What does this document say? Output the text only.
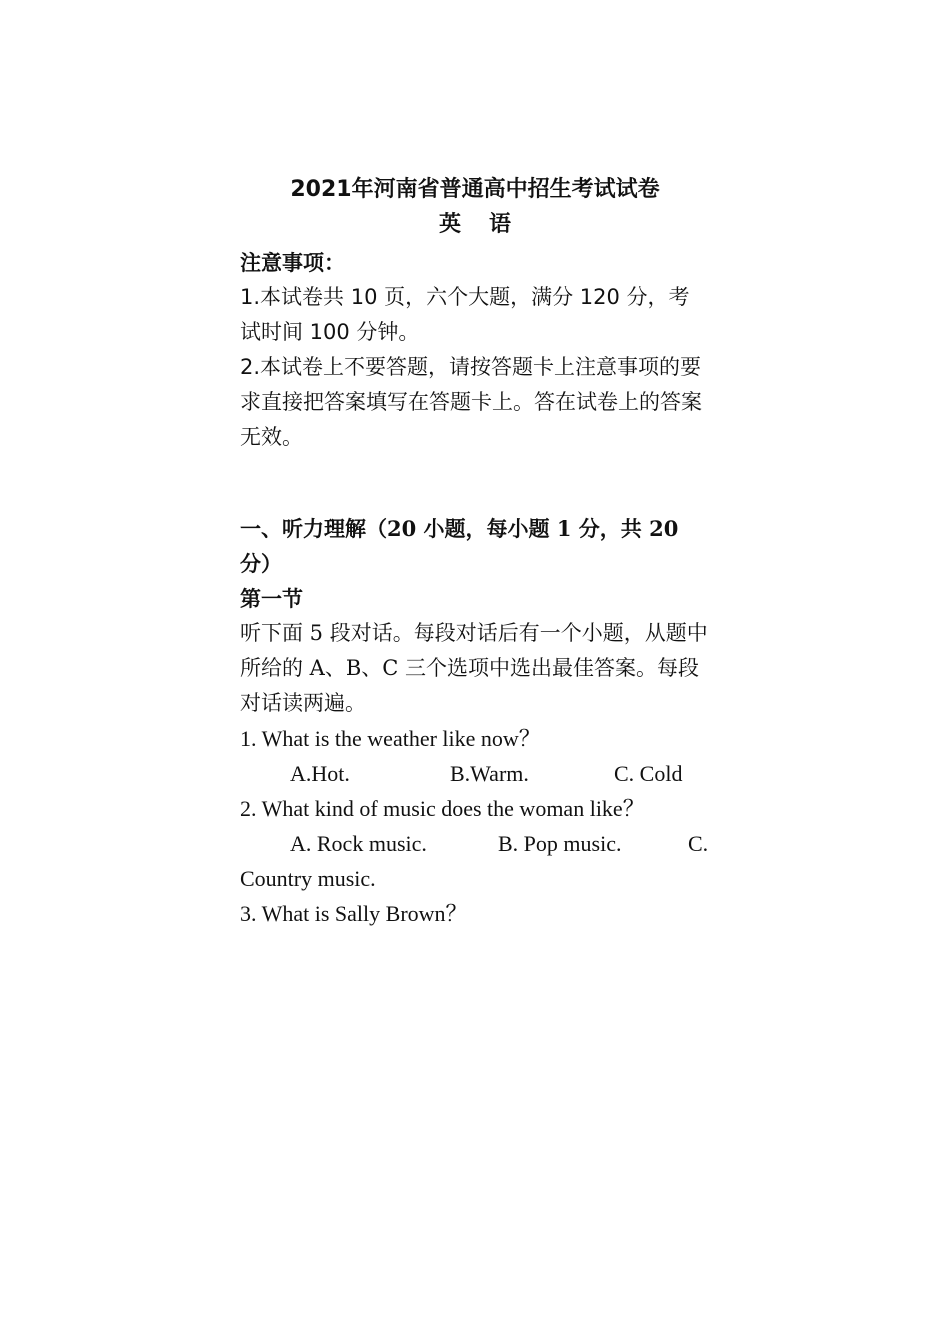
2021年河南省普通高中招生考试试卷

英语

注意事项：

1.本试卷共 10 页，六个大题，满分 120 分，考试时间 100 分钟。

2.本试卷上不要答题，请按答题卡上注意事项的要求直接把答案填写在答题卡上。答在试卷上的答案无效。

一、听力理解（20 小题，每小题 1 分，共 20 分）

第一节

听下面 5 段对话。每段对话后有一个小题，从题中所给的 A、B、C 三个选项中选出最佳答案。每段对话读两遍。

1. What is the weather like now？

A.Hot.	B.Warm.	C. Cold

2. What kind of music does the woman like？

A. Rock music.	B. Pop music.	C.

Country music.

3. What is Sally Brown？
